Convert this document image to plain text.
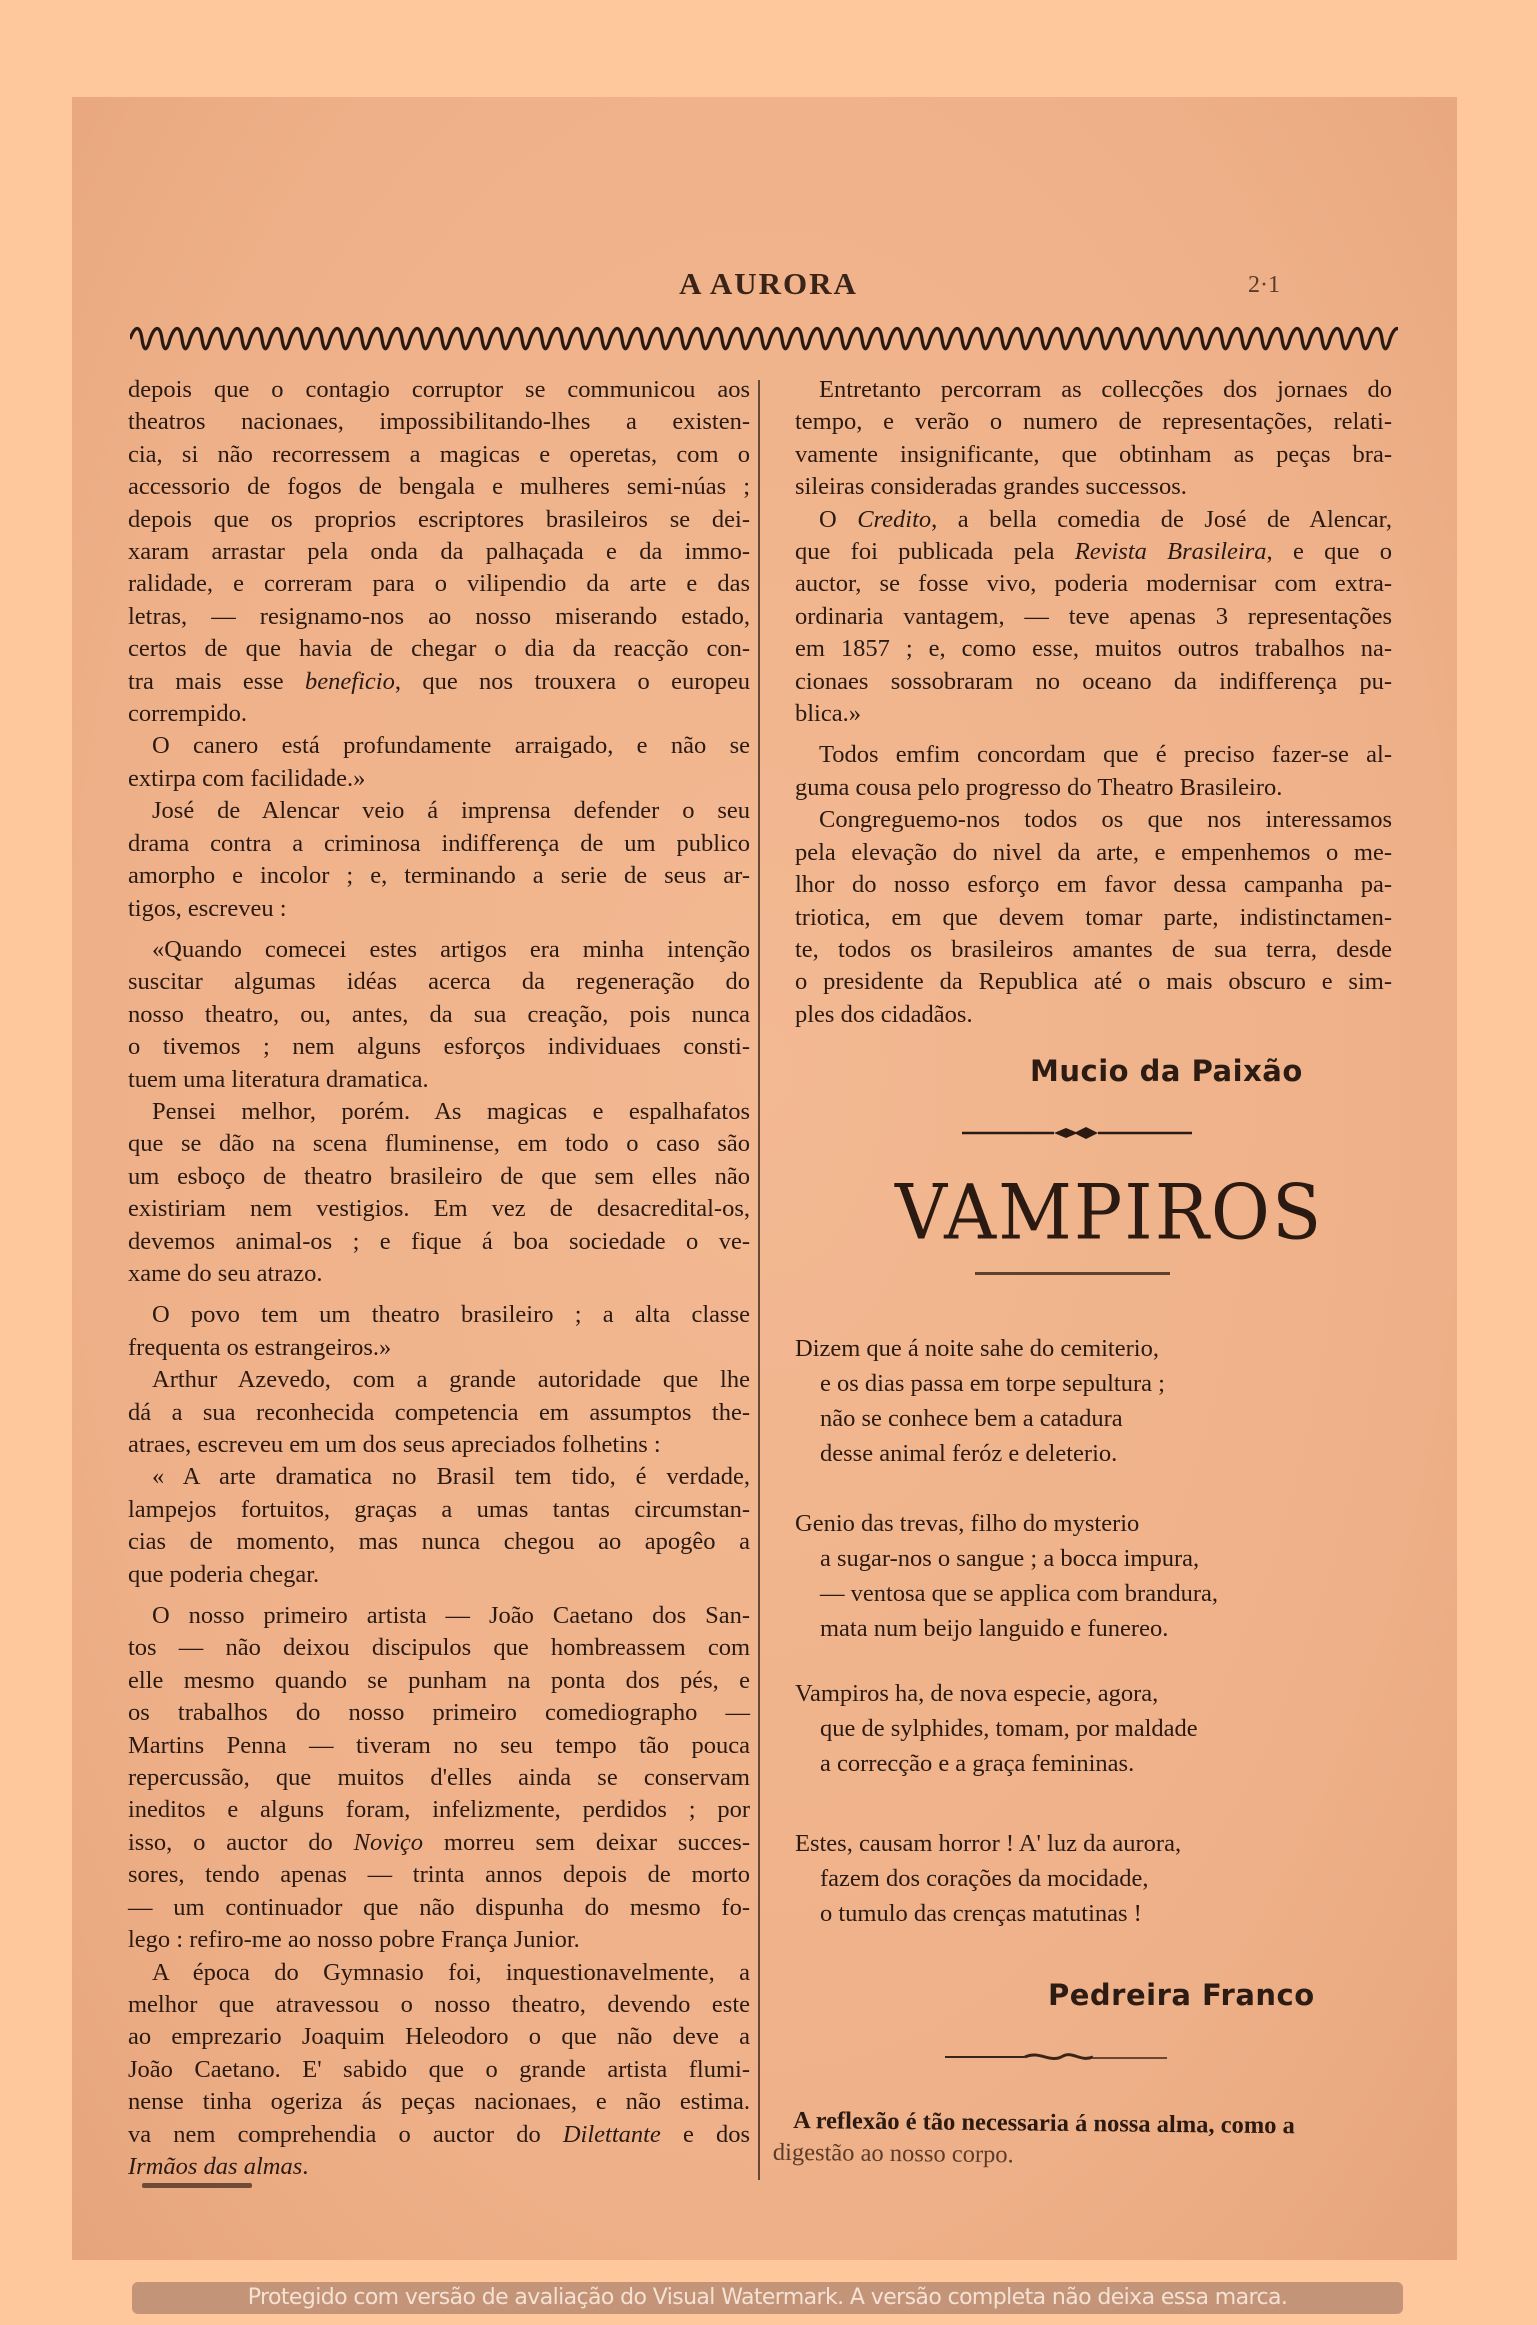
A AURORA	2·1
depois que o contagio corruptor se communicou aos
theatros nacionaes, impossibilitando-lhes a existen-
cia, si não recorressem a magicas e operetas, com o
accessorio de fogos de bengala e mulheres semi-núas ;
depois que os proprios escriptores brasileiros se dei-
xaram arrastar pela onda da palhaçada e da immo-
ralidade, e correram para o vilipendio da arte e das
letras, — resignamo-nos ao nosso miserando estado,
certos de que havia de chegar o dia da reacção con-
tra mais esse beneficio, que nos trouxera o europeu
corrempido.
O canero está profundamente arraigado, e não se
extirpa com facilidade.»
José de Alencar veio á imprensa defender o seu
drama contra a criminosa indifferença de um publico
amorpho e incolor ; e, terminando a serie de seus ar-
tigos, escreveu :
«Quando comecei estes artigos era minha intenção
suscitar algumas idéas acerca da regeneração do
nosso theatro, ou, antes, da sua creação, pois nunca
o tivemos ; nem alguns esforços individuaes consti-
tuem uma literatura dramatica.
Pensei melhor, porém. As magicas e espalhafatos
que se dão na scena fluminense, em todo o caso são
um esboço de theatro brasileiro de que sem elles não
existiriam nem vestigios. Em vez de desacredital-os,
devemos animal-os ; e fique á boa sociedade o ve-
xame do seu atrazo.
O povo tem um theatro brasileiro ; a alta classe
frequenta os estrangeiros.»
Arthur Azevedo, com a grande autoridade que lhe
dá a sua reconhecida competencia em assumptos the-
atraes, escreveu em um dos seus apreciados folhetins :
« A arte dramatica no Brasil tem tido, é verdade,
lampejos fortuitos, graças a umas tantas circumstan-
cias de momento, mas nunca chegou ao apogêo a
que poderia chegar.
O nosso primeiro artista — João Caetano dos San-
tos — não deixou discipulos que hombreassem com
elle mesmo quando se punham na ponta dos pés, e
os trabalhos do nosso primeiro comediographo —
Martins Penna — tiveram no seu tempo tão pouca
repercussão, que muitos d'elles ainda se conservam
ineditos e alguns foram, infelizmente, perdidos ; por
isso, o auctor do Noviço morreu sem deixar succes-
sores, tendo apenas — trinta annos depois de morto
— um continuador que não dispunha do mesmo fo-
lego : refiro-me ao nosso pobre França Junior.
A época do Gymnasio foi, inquestionavelmente, a
melhor que atravessou o nosso theatro, devendo este
ao emprezario Joaquim Heleodoro o que não deve a
João Caetano. E' sabido que o grande artista flumi-
nense tinha ogeriza ás peças nacionaes, e não estima.
va nem comprehendia o auctor do Dilettante e dos
Irmãos das almas.
Entretanto percorram as collecções dos jornaes do
tempo, e verão o numero de representações, relati-
vamente insignificante, que obtinham as peças bra-
sileiras consideradas grandes successos.
O Credito, a bella comedia de José de Alencar,
que foi publicada pela Revista Brasileira, e que o
auctor, se fosse vivo, poderia modernisar com extra-
ordinaria vantagem, — teve apenas 3 representações
em 1857 ; e, como esse, muitos outros trabalhos na-
cionaes sossobraram no oceano da indifferença pu-
blica.»
Todos emfim concordam que é preciso fazer-se al-
guma cousa pelo progresso do Theatro Brasileiro.
Congreguemo-nos todos os que nos interessamos
pela elevação do nivel da arte, e empenhemos o me-
lhor do nosso esforço em favor dessa campanha pa-
triotica, em que devem tomar parte, indistinctamen-
te, todos os brasileiros amantes de sua terra, desde
o presidente da Republica até o mais obscuro e sim-
ples dos cidadãos.
Mucio da Paixão
VAMPIROS
Dizem que á noite sahe do cemiterio,
e os dias passa em torpe sepultura ;
não se conhece bem a catadura
desse animal feróz e deleterio.
Genio das trevas, filho do mysterio
a sugar-nos o sangue ; a bocca impura,
— ventosa que se applica com brandura,
mata num beijo languido e funereo.
Vampiros ha, de nova especie, agora,
que de sylphides, tomam, por maldade
a correcção e a graça femininas.
Estes, causam horror ! A' luz da aurora,
fazem dos corações da mocidade,
o tumulo das crenças matutinas !
Pedreira Franco
A reflexão é tão necessaria á nossa alma, como a
digestão ao nosso corpo.
Protegido com versão de avaliação do Visual Watermark. A versão completa não deixa essa marca.
